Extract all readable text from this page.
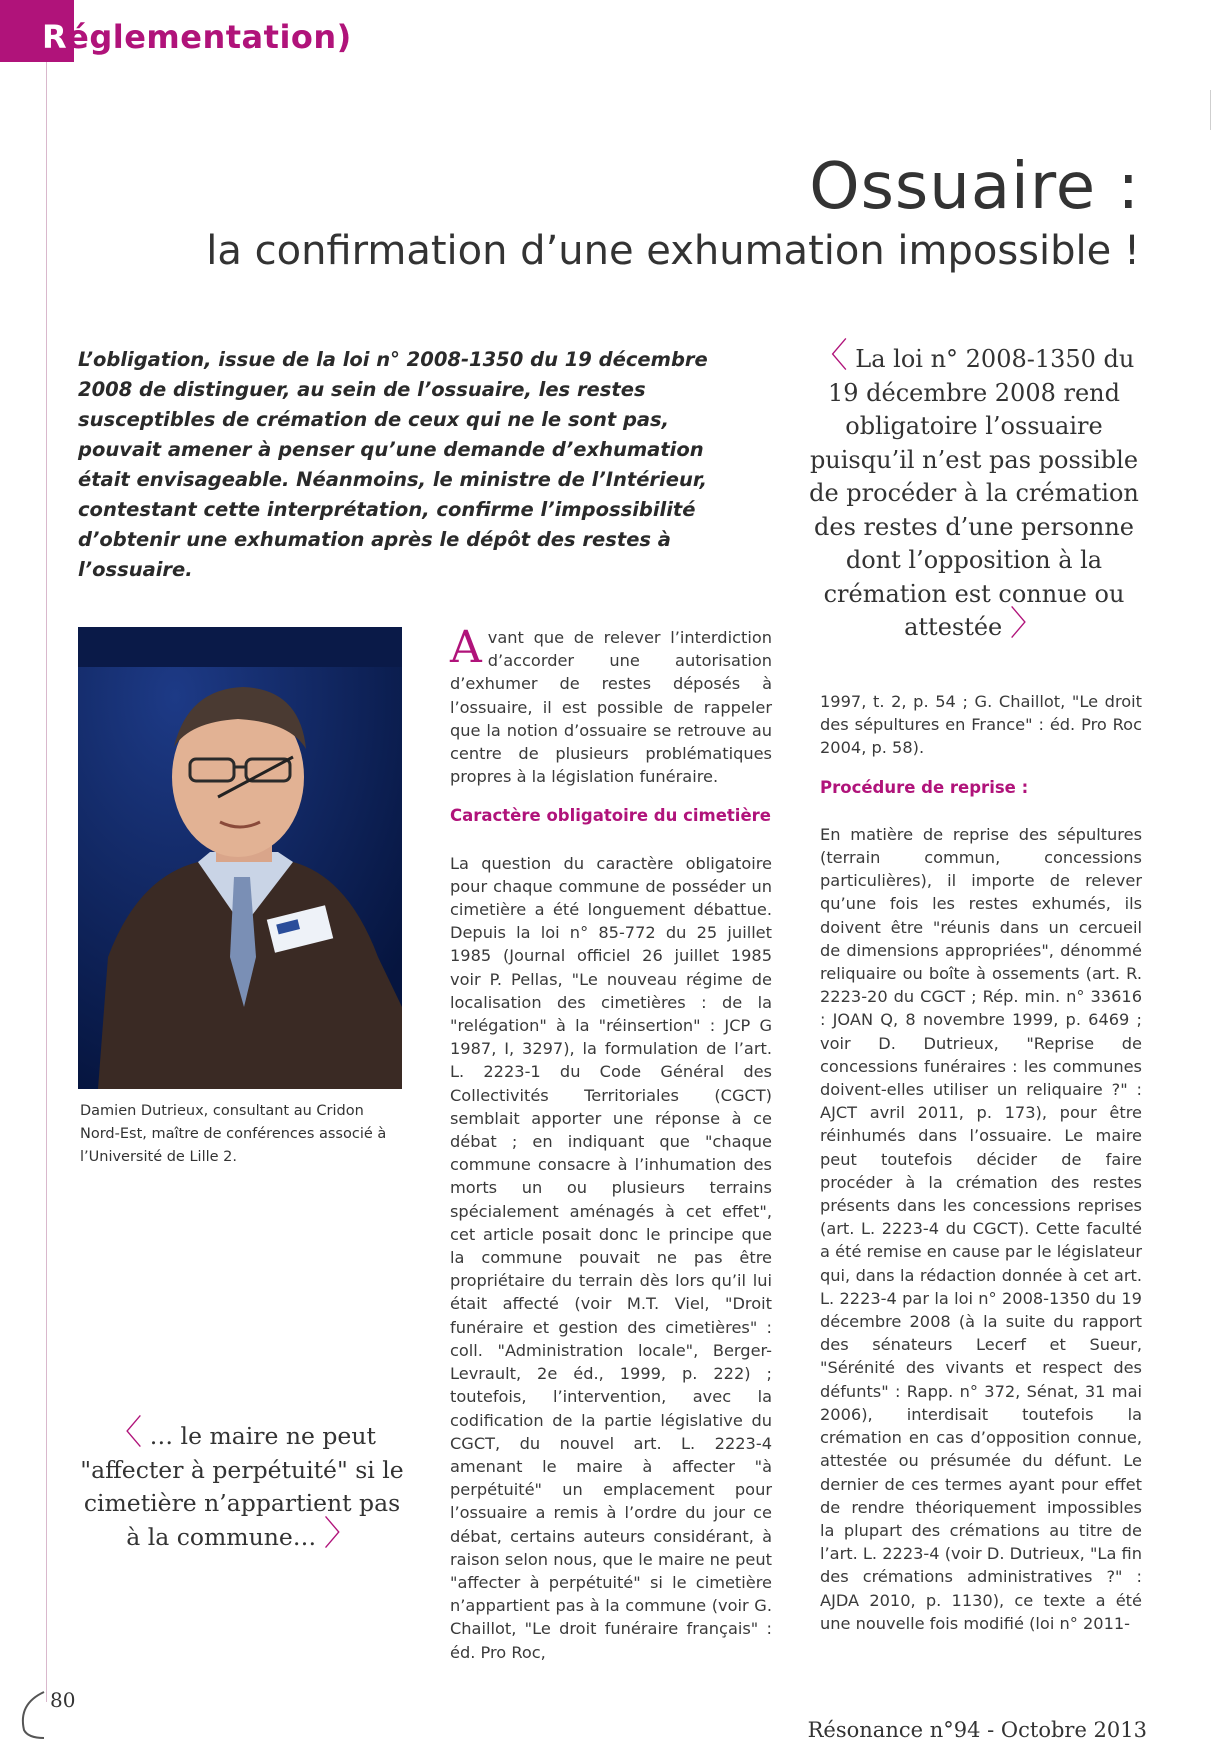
Réglementation)
Ossuaire :
la confirmation d’une exhumation impossible !
L’obligation, issue de la loi n° 2008-1350 du 19 décembre 2008 de distinguer, au sein de l’ossuaire, les restes susceptibles de crémation de ceux qui ne le sont pas, pouvait amener à penser qu’une demande d’exhumation était envisageable. Néanmoins, le ministre de l’Intérieur, contestant cette interprétation, confirme l’impossibilité d’obtenir une exhumation après le dépôt des restes à l’ossuaire.
〈 La loi n° 2008-1350 du 19 décembre 2008 rend obligatoire l’ossuaire puisqu’il n’est pas possible de procéder à la crémation des restes d’une personne dont l’opposition à la crémation est connue ou attestée 〉
Damien Dutrieux, consultant au Cridon Nord-Est, maître de conférences associé à l’Université de Lille 2.
〈 … le maire ne peut "affecter à perpétuité" si le cimetière n’appartient pas à la commune… 〉

Avant que de relever l’interdiction d’accorder une autorisation d’exhumer de restes déposés à l’ossuaire, il est possible de rappeler que la notion d’ossuaire se retrouve au centre de plusieurs problématiques propres à la législation funéraire.

Caractère obligatoire du cimetière

La question du caractère obligatoire pour chaque commune de posséder un cimetière a été longuement débattue. Depuis la loi n° 85-772 du 25 juillet 1985 (Journal officiel 26 juillet 1985 voir P. Pellas, "Le nouveau régime de localisation des cimetières : de la "relégation" à la "réinsertion" : JCP G 1987, I, 3297), la formulation de l’art. L. 2223-1 du Code Général des Collectivités Territoriales (CGCT) semblait apporter une réponse à ce débat ; en indiquant que "chaque commune consacre à l’inhumation des morts un ou plusieurs terrains spécialement aménagés à cet effet", cet article posait donc le principe que la commune pouvait ne pas être propriétaire du terrain dès lors qu’il lui était affecté (voir M.T. Viel, "Droit funéraire et gestion des cimetières" : coll. "Administration locale", Berger-Levrault, 2e éd., 1999, p. 222) ; toutefois, l’intervention, avec la codification de la partie législative du CGCT, du nouvel art. L. 2223-4 amenant le maire à affecter "à perpétuité" un emplacement pour l’ossuaire a remis à l’ordre du jour ce débat, certains auteurs considérant, à raison selon nous, que le maire ne peut "affecter à perpétuité" si le cimetière n’appartient pas à la commune (voir G. Chaillot, "Le droit funéraire français" : éd. Pro Roc,

1997, t. 2, p. 54 ; G. Chaillot, "Le droit des sépultures en France" : éd. Pro Roc 2004, p. 58).

Procédure de reprise :

En matière de reprise des sépultures (terrain commun, concessions particulières), il importe de relever qu’une fois les restes exhumés, ils doivent être "réunis dans un cercueil de dimensions appropriées", dénommé reliquaire ou boîte à ossements (art. R. 2223-20 du CGCT ; Rép. min. n° 33616 : JOAN Q, 8 novembre 1999, p. 6469 ; voir D. Dutrieux, "Reprise de concessions funéraires : les communes doivent-elles utiliser un reliquaire ?" : AJCT avril 2011, p. 173), pour être réinhumés dans l’ossuaire. Le maire peut toutefois décider de faire procéder à la crémation des restes présents dans les concessions reprises (art. L. 2223-4 du CGCT). Cette faculté a été remise en cause par le législateur qui, dans la rédaction donnée à cet art. L. 2223-4 par la loi n° 2008-1350 du 19 décembre 2008 (à la suite du rapport des sénateurs Lecerf et Sueur, "Sérénité des vivants et respect des défunts" : Rapp. n° 372, Sénat, 31 mai 2006), interdisait toutefois la crémation en cas d’opposition connue, attestée ou présumée du défunt. Le dernier de ces termes ayant pour effet de rendre théoriquement impossibles la plupart des crémations au titre de l’art. L. 2223-4 (voir D. Dutrieux, "La fin des crémations administratives ?" : AJDA 2010, p. 1130), ce texte a été une nouvelle fois modifié (loi n° 2011-

80
Résonance n°94 - Octobre 2013
